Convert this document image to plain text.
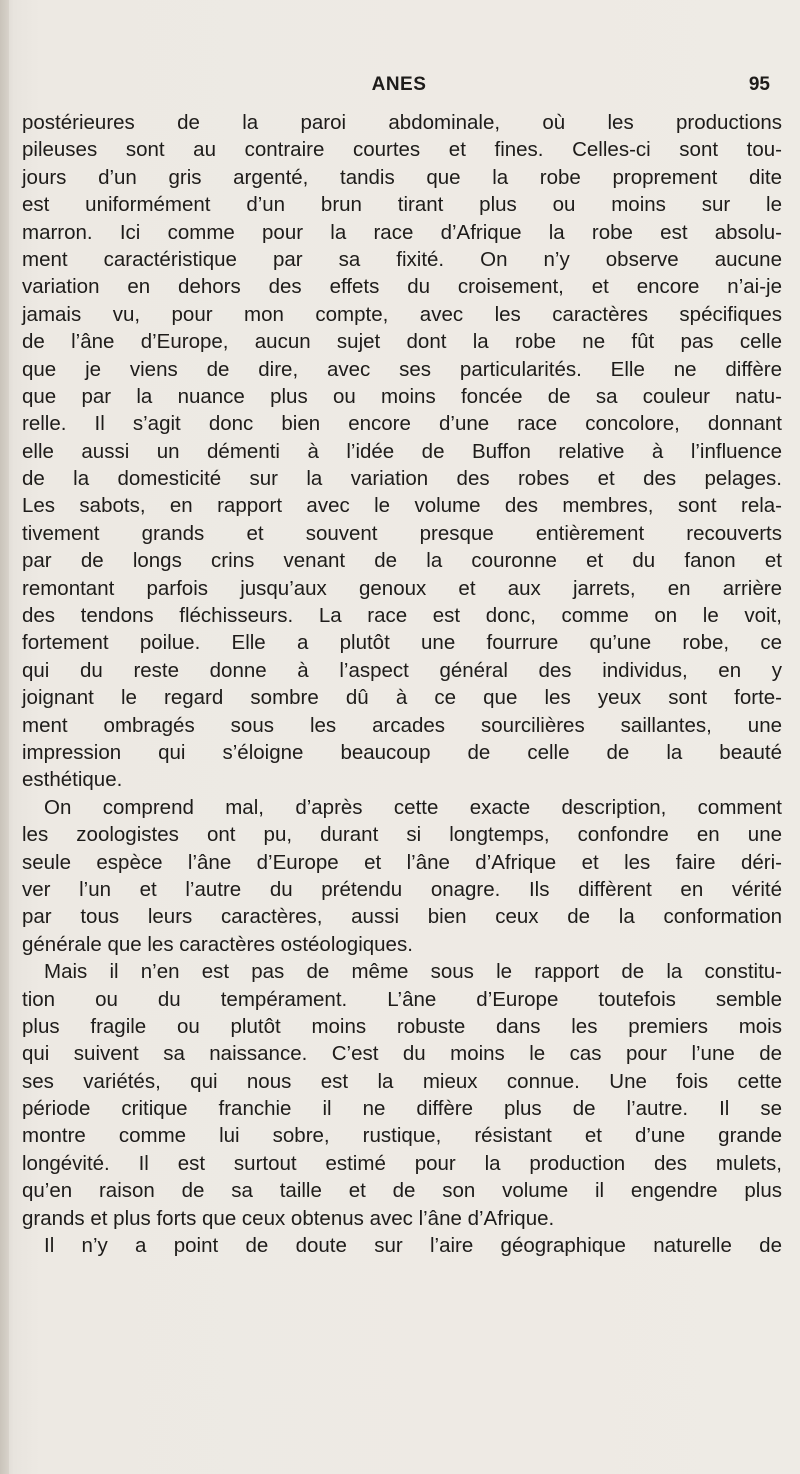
ANES	95
postérieures de la paroi abdominale, où les productions
pileuses sont au contraire courtes et fines. Celles-ci sont tou-
jours d’un gris argenté, tandis que la robe proprement dite
est uniformément d’un brun tirant plus ou moins sur le
marron. Ici comme pour la race d’Afrique la robe est absolu-
ment caractéristique par sa fixité. On n’y observe aucune
variation en dehors des effets du croisement, et encore n’ai-je
jamais vu, pour mon compte, avec les caractères spécifiques
de l’âne d’Europe, aucun sujet dont la robe ne fût pas celle
que je viens de dire, avec ses particularités. Elle ne diffère
que par la nuance plus ou moins foncée de sa couleur natu-
relle. Il s’agit donc bien encore d’une race concolore, donnant
elle aussi un démenti à l’idée de Buffon relative à l’influence
de la domesticité sur la variation des robes et des pelages.
Les sabots, en rapport avec le volume des membres, sont rela-
tivement grands et souvent presque entièrement recouverts
par de longs crins venant de la couronne et du fanon et
remontant parfois jusqu’aux genoux et aux jarrets, en arrière
des tendons fléchisseurs. La race est donc, comme on le voit,
fortement poilue. Elle a plutôt une fourrure qu’une robe, ce
qui du reste donne à l’aspect général des individus, en y
joignant le regard sombre dû à ce que les yeux sont forte-
ment ombragés sous les arcades sourcilières saillantes, une
impression qui s’éloigne beaucoup de celle de la beauté
esthétique.
On comprend mal, d’après cette exacte description, comment
les zoologistes ont pu, durant si longtemps, confondre en une
seule espèce l’âne d’Europe et l’âne d’Afrique et les faire déri-
ver l’un et l’autre du prétendu onagre. Ils diffèrent en vérité
par tous leurs caractères, aussi bien ceux de la conformation
générale que les caractères ostéologiques.
Mais il n’en est pas de même sous le rapport de la constitu-
tion ou du tempérament. L’âne d’Europe toutefois semble
plus fragile ou plutôt moins robuste dans les premiers mois
qui suivent sa naissance. C’est du moins le cas pour l’une de
ses variétés, qui nous est la mieux connue. Une fois cette
période critique franchie il ne diffère plus de l’autre. Il se
montre comme lui sobre, rustique, résistant et d’une grande
longévité. Il est surtout estimé pour la production des mulets,
qu’en raison de sa taille et de son volume il engendre plus
grands et plus forts que ceux obtenus avec l’âne d’Afrique.
Il n’y a point de doute sur l’aire géographique naturelle de
